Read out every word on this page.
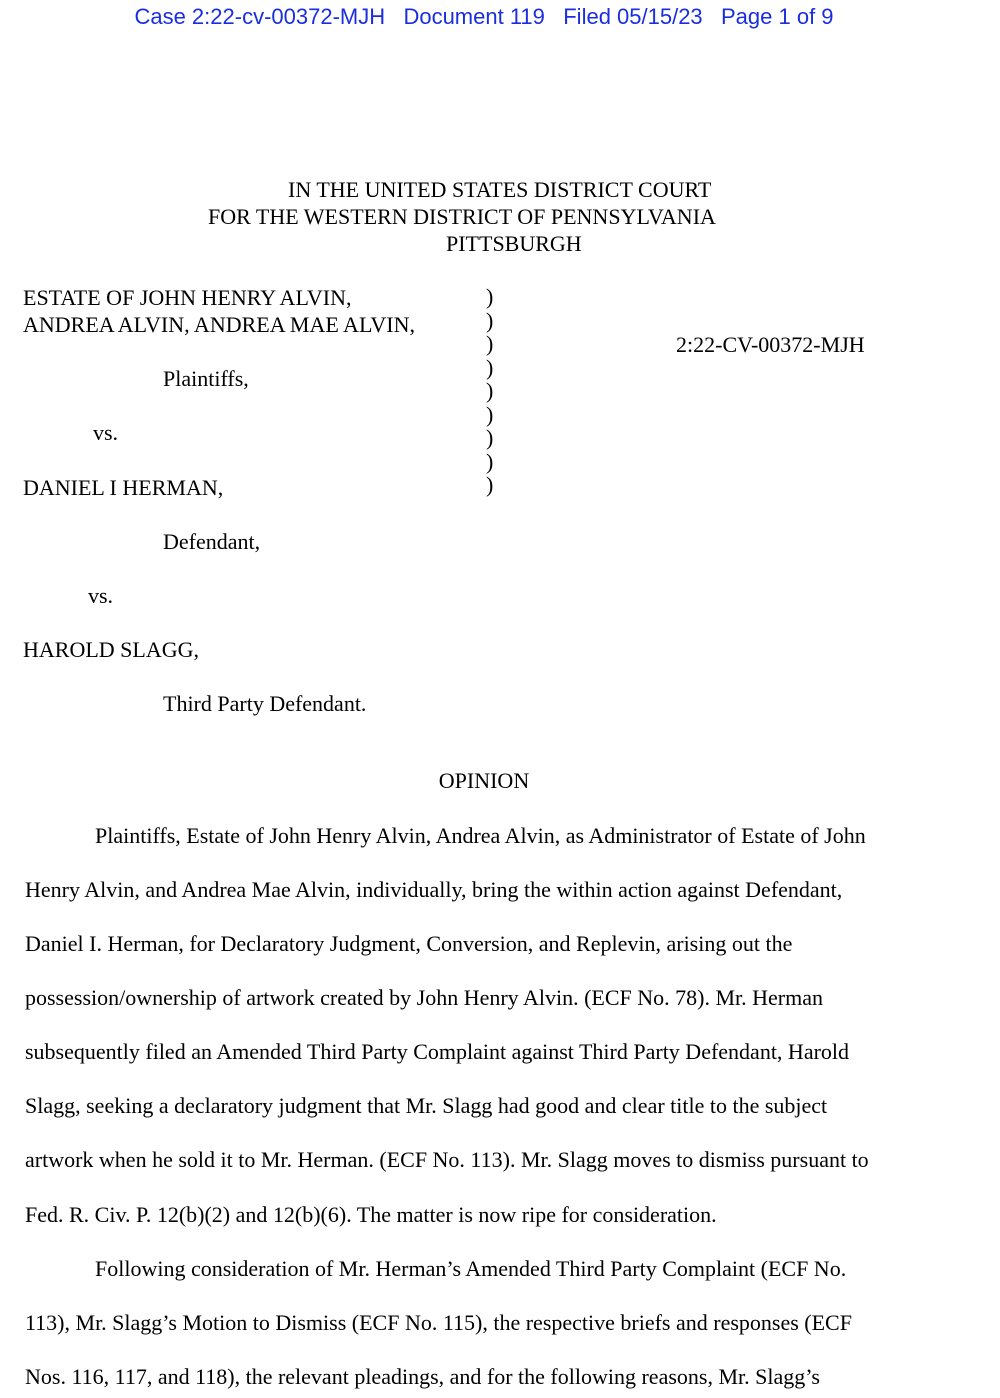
Case 2:22-cv-00372-MJH   Document 119   Filed 05/15/23   Page 1 of 9
IN THE UNITED STATES DISTRICT COURT
FOR THE WESTERN DISTRICT OF PENNSYLVANIA
PITTSBURGH
ESTATE OF JOHN HENRY ALVIN,
ANDREA ALVIN, ANDREA MAE ALVIN,
Plaintiffs,
vs.
DANIEL I HERMAN,
Defendant,
vs.
HAROLD SLAGG,
Third Party Defendant.
)
)
)
)
)
)
)
)
)
2:22-CV-00372-MJH
OPINION
Plaintiffs, Estate of John Henry Alvin, Andrea Alvin, as Administrator of Estate of John
Henry Alvin, and Andrea Mae Alvin, individually, bring the within action against Defendant,
Daniel I. Herman, for Declaratory Judgment, Conversion, and Replevin, arising out the
possession/ownership of artwork created by John Henry Alvin. (ECF No. 78). Mr. Herman
subsequently filed an Amended Third Party Complaint against Third Party Defendant, Harold
Slagg, seeking a declaratory judgment that Mr. Slagg had good and clear title to the subject
artwork when he sold it to Mr. Herman. (ECF No. 113). Mr. Slagg moves to dismiss pursuant to
Fed. R. Civ. P. 12(b)(2) and 12(b)(6). The matter is now ripe for consideration.
Following consideration of Mr. Herman’s Amended Third Party Complaint (ECF No.
113), Mr. Slagg’s Motion to Dismiss (ECF No. 115), the respective briefs and responses (ECF
Nos. 116, 117, and 118), the relevant pleadings, and for the following reasons, Mr. Slagg’s
